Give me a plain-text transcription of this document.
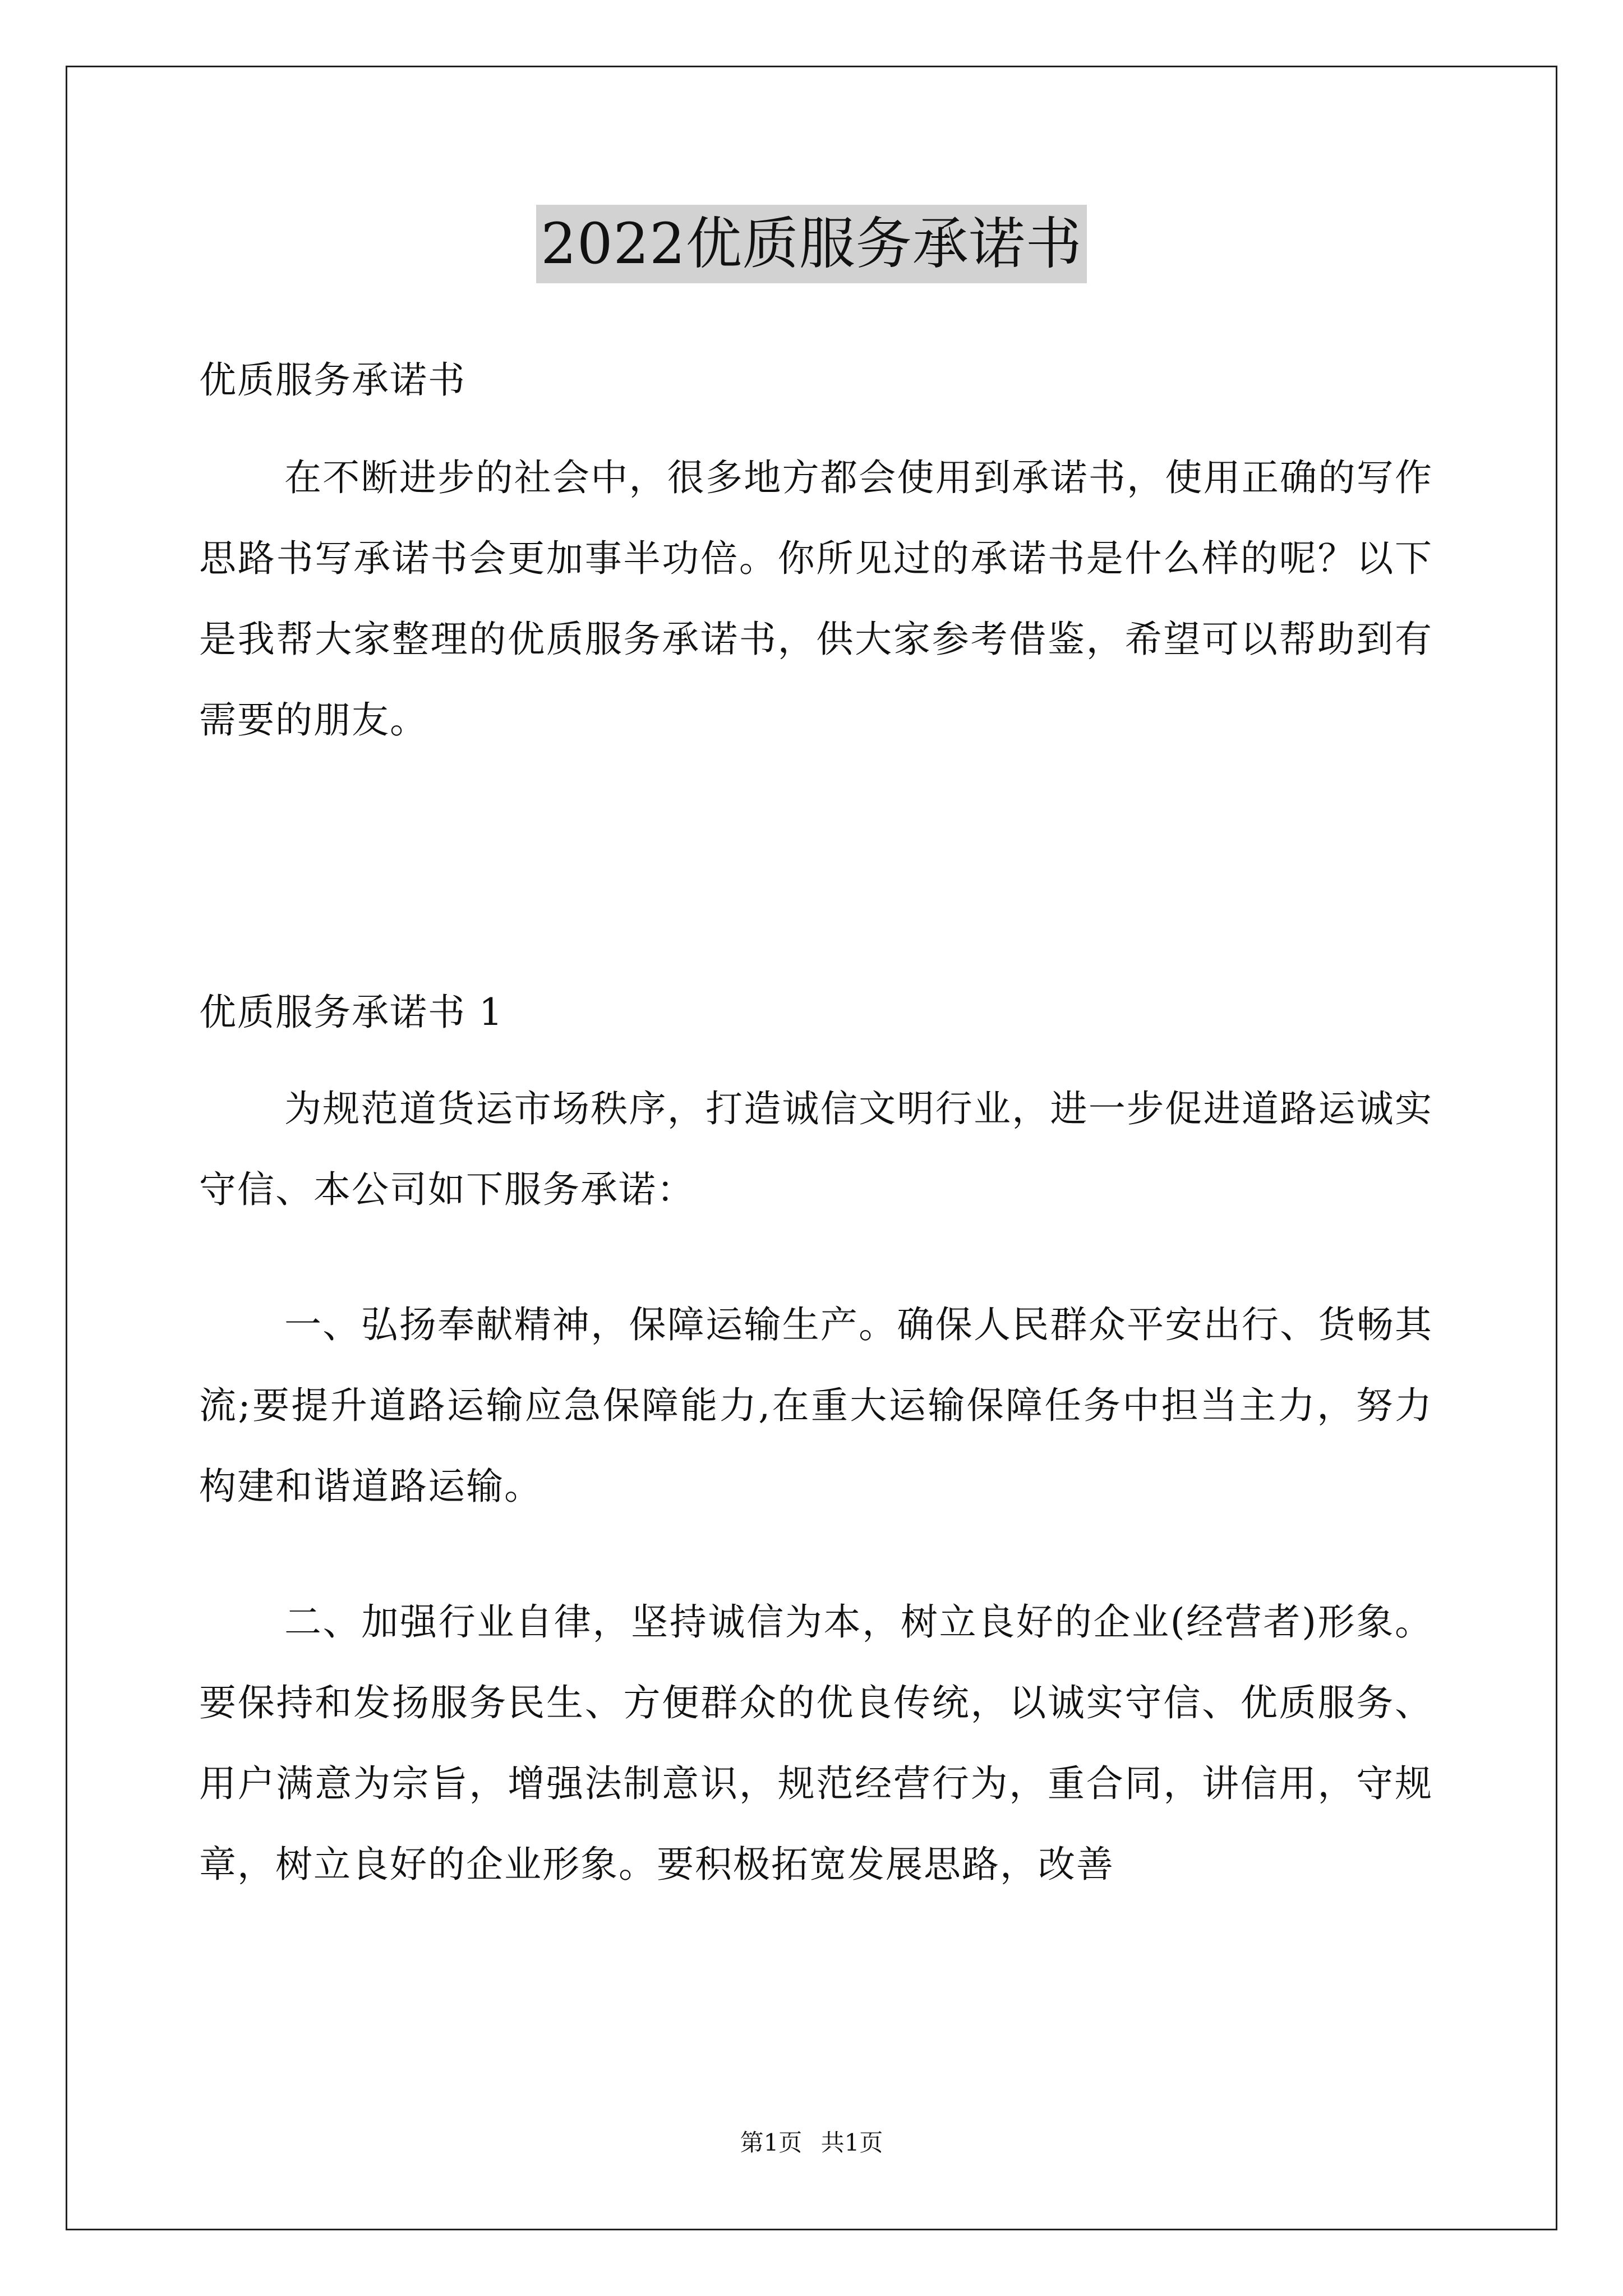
2022优质服务承诺书

优质服务承诺书

在不断进步的社会中，很多地方都会使用到承诺书，使用正确的写作思路书写承诺书会更加事半功倍。你所见过的承诺书是什么样的呢？以下是我帮大家整理的优质服务承诺书，供大家参考借鉴，希望可以帮助到有需要的朋友。

优质服务承诺书 1

为规范道货运市场秩序，打造诚信文明行业，进一步促进道路运诚实守信、本公司如下服务承诺：

一、弘扬奉献精神，保障运输生产。确保人民群众平安出行、货畅其流;要提升道路运输应急保障能力,在重大运输保障任务中担当主力，努力构建和谐道路运输。

二、加强行业自律，坚持诚信为本，树立良好的企业(经营者)形象。要保持和发扬服务民生、方便群众的优良传统，以诚实守信、优质服务、用户满意为宗旨，增强法制意识，规范经营行为，重合同，讲信用，守规章，树立良好的企业形象。要积极拓宽发展思路，改善

第1页 共1页
